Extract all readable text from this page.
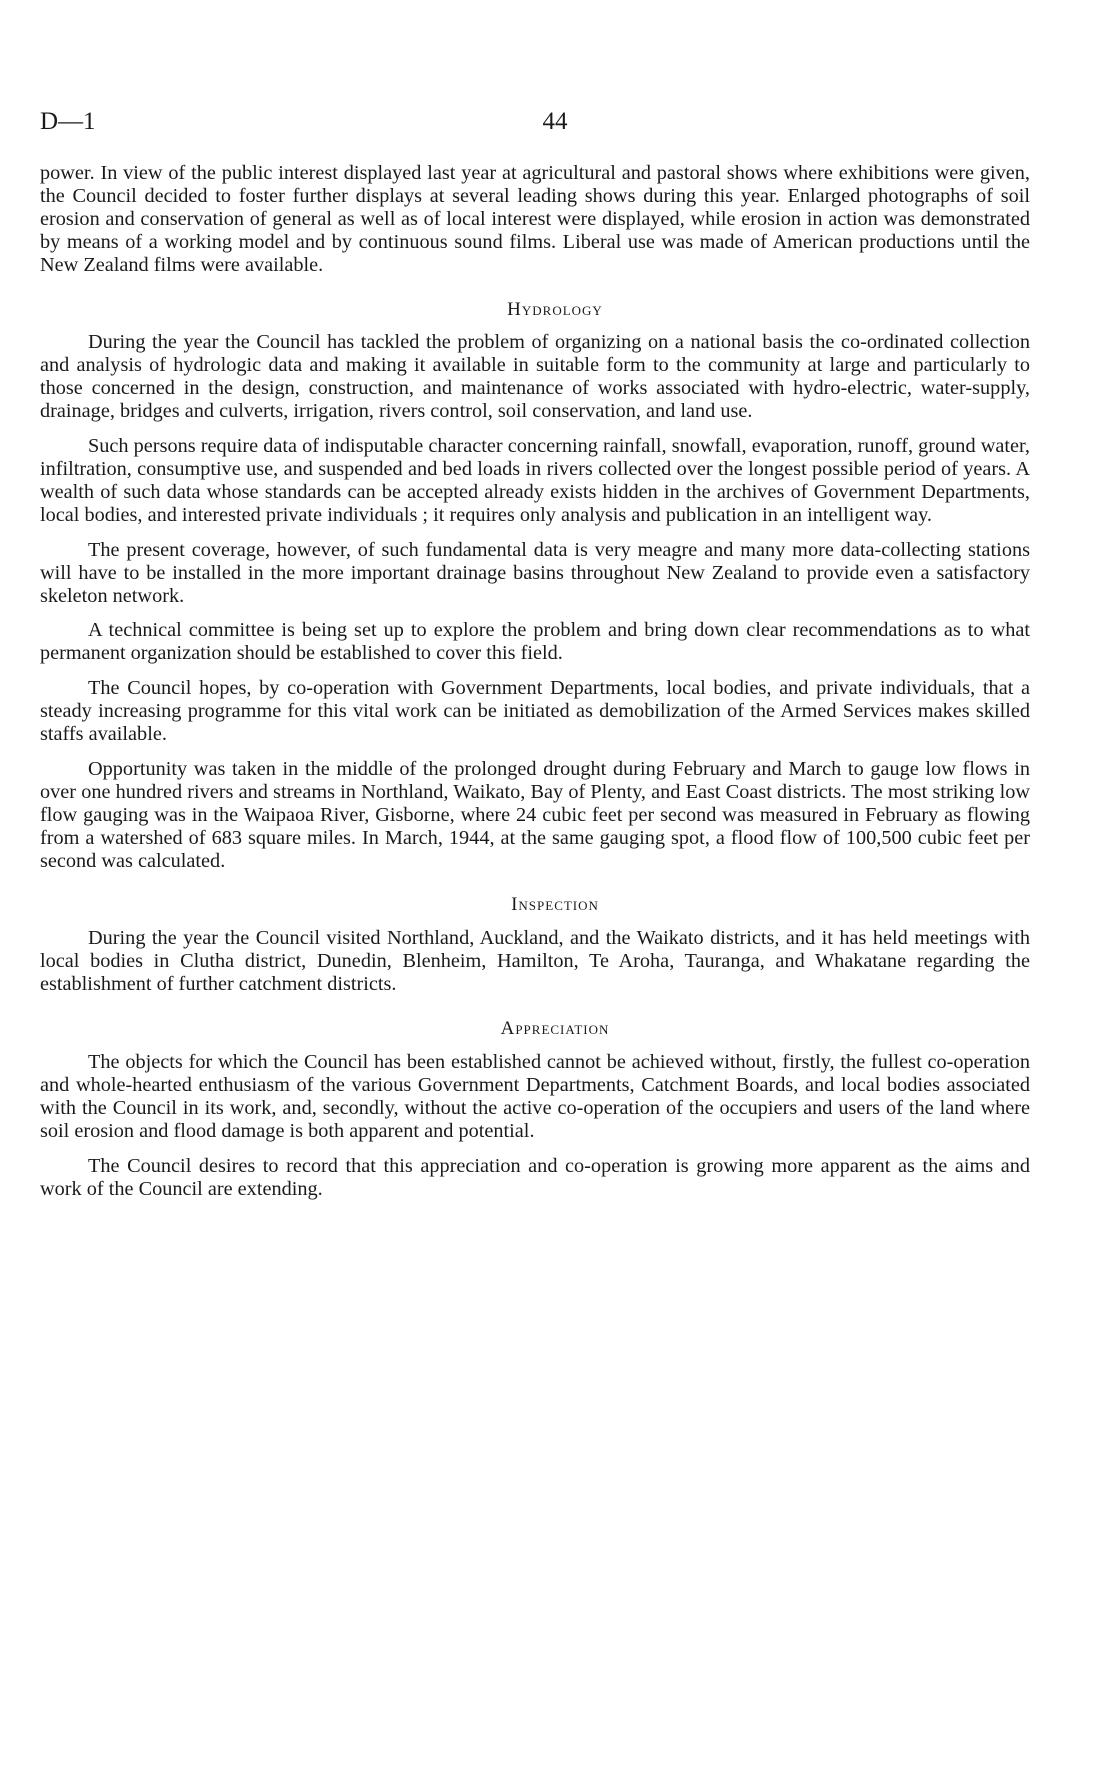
D—1	44

power. In view of the public interest displayed last year at agricultural and pastoral shows where exhibitions were given, the Council decided to foster further displays at several leading shows during this year. Enlarged photographs of soil erosion and conservation of general as well as of local interest were displayed, while erosion in action was demonstrated by means of a working model and by continuous sound films. Liberal use was made of American productions until the New Zealand films were available.

Hydrology

During the year the Council has tackled the problem of organizing on a national basis the co-ordinated collection and analysis of hydrologic data and making it available in suitable form to the community at large and particularly to those concerned in the design, construction, and maintenance of works associated with hydro-electric, water-supply, drainage, bridges and culverts, irrigation, rivers control, soil conservation, and land use.

Such persons require data of indisputable character concerning rainfall, snowfall, evaporation, runoff, ground water, infiltration, consumptive use, and suspended and bed loads in rivers collected over the longest possible period of years. A wealth of such data whose standards can be accepted already exists hidden in the archives of Government Departments, local bodies, and interested private individuals ; it requires only analysis and publication in an intelligent way.

The present coverage, however, of such fundamental data is very meagre and many more data-collecting stations will have to be installed in the more important drainage basins throughout New Zealand to provide even a satisfactory skeleton network.

A technical committee is being set up to explore the problem and bring down clear recommendations as to what permanent organization should be established to cover this field.

The Council hopes, by co-operation with Government Departments, local bodies, and private individuals, that a steady increasing programme for this vital work can be initiated as demobilization of the Armed Services makes skilled staffs available.

Opportunity was taken in the middle of the prolonged drought during February and March to gauge low flows in over one hundred rivers and streams in Northland, Waikato, Bay of Plenty, and East Coast districts. The most striking low flow gauging was in the Waipaoa River, Gisborne, where 24 cubic feet per second was measured in February as flowing from a watershed of 683 square miles. In March, 1944, at the same gauging spot, a flood flow of 100,500 cubic feet per second was calculated.

Inspection

During the year the Council visited Northland, Auckland, and the Waikato districts, and it has held meetings with local bodies in Clutha district, Dunedin, Blenheim, Hamilton, Te Aroha, Tauranga, and Whakatane regarding the establishment of further catchment districts.

Appreciation

The objects for which the Council has been established cannot be achieved without, firstly, the fullest co-operation and whole-hearted enthusiasm of the various Government Departments, Catchment Boards, and local bodies associated with the Council in its work, and, secondly, without the active co-operation of the occupiers and users of the land where soil erosion and flood damage is both apparent and potential.

The Council desires to record that this appreciation and co-operation is growing more apparent as the aims and work of the Council are extending.
